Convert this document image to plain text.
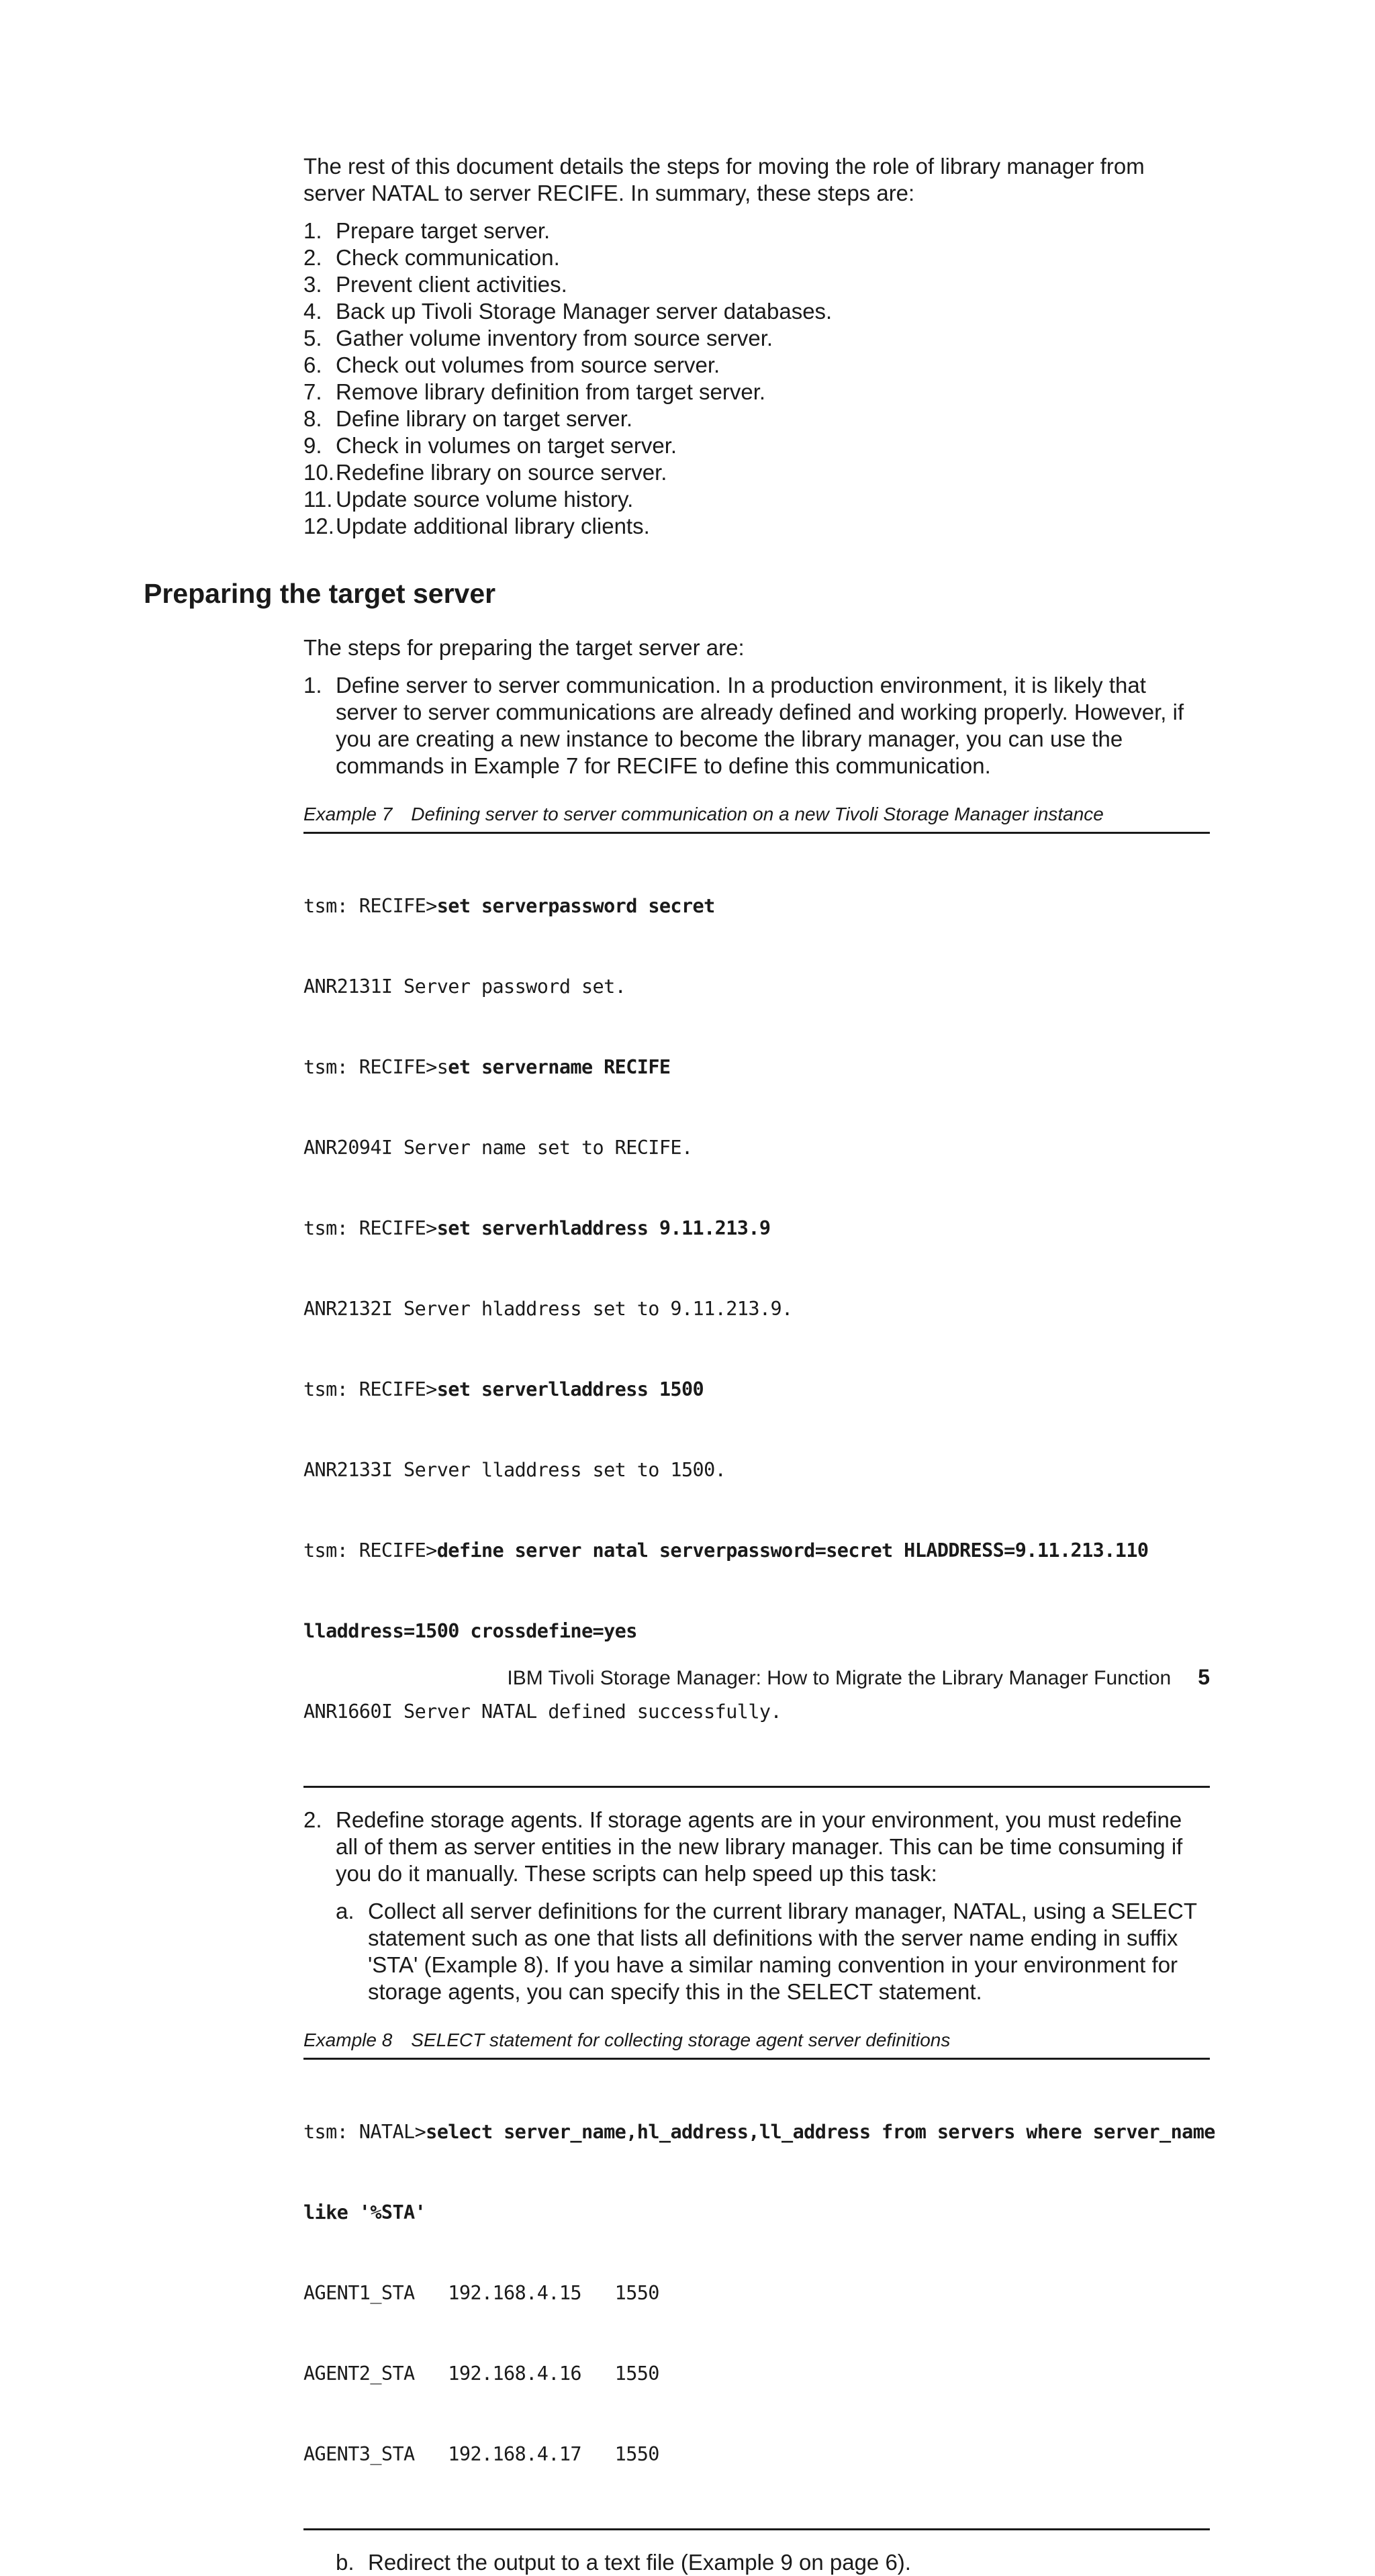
The rest of this document details the steps for moving the role of library manager from server NATAL to server RECIFE. In summary, these steps are:

1. Prepare target server.
2. Check communication.
3. Prevent client activities.
4. Back up Tivoli Storage Manager server databases.
5. Gather volume inventory from source server.
6. Check out volumes from source server.
7. Remove library definition from target server.
8. Define library on target server.
9. Check in volumes on target server.
10. Redefine library on source server.
11. Update source volume history.
12. Update additional library clients.
Preparing the target server

The steps for preparing the target server are:

1. Define server to server communication. In a production environment, it is likely that server to server communications are already defined and working properly. However, if you are creating a new instance to become the library manager, you can use the commands in Example 7 for RECIFE to define this communication.
Example 7 Defining server to server communication on a new Tivoli Storage Manager instance

tsm: RECIFE>set serverpassword secret

ANR2131I Server password set.

tsm: RECIFE>set servername RECIFE

ANR2094I Server name set to RECIFE.

tsm: RECIFE>set serverhladdress 9.11.213.9

ANR2132I Server hladdress set to 9.11.213.9.

tsm: RECIFE>set serverlladdress 1500

ANR2133I Server lladdress set to 1500.

tsm: RECIFE>define server natal serverpassword=secret HLADDRESS=9.11.213.110

lladdress=1500 crossdefine=yes

ANR1660I Server NATAL defined successfully.

2. Redefine storage agents. If storage agents are in your environment, you must redefine all of them as server entities in the new library manager. This can be time consuming if you do it manually. These scripts can help speed up this task:
a. Collect all server definitions for the current library manager, NATAL, using a SELECT statement such as one that lists all definitions with the server name ending in suffix 'STA' (Example 8). If you have a similar naming convention in your environment for storage agents, you can specify this in the SELECT statement.
Example 8 SELECT statement for collecting storage agent server definitions

tsm: NATAL>select server_name,hl_address,ll_address from servers where server_name

like '%STA'

AGENT1_STA   192.168.4.15   1550

AGENT2_STA   192.168.4.16   1550

AGENT3_STA   192.168.4.17   1550

b. Redirect the output to a text file (Example 9 on page 6).
IBM Tivoli Storage Manager: How to Migrate the Library Manager Function 5
